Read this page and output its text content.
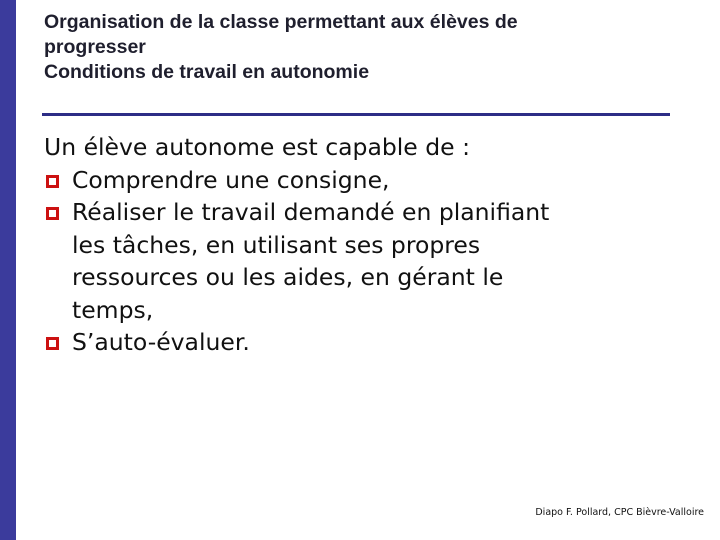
Organisation de la classe permettant aux élèves de
progresser
Conditions de travail en autonomie
Un élève autonome est capable de :
Comprendre une consigne,
Réaliser le travail demandé en planifiant
les tâches, en utilisant ses propres
ressources ou les aides, en gérant le
temps,
S’auto-évaluer.
Diapo F. Pollard, CPC Bièvre-Valloire
